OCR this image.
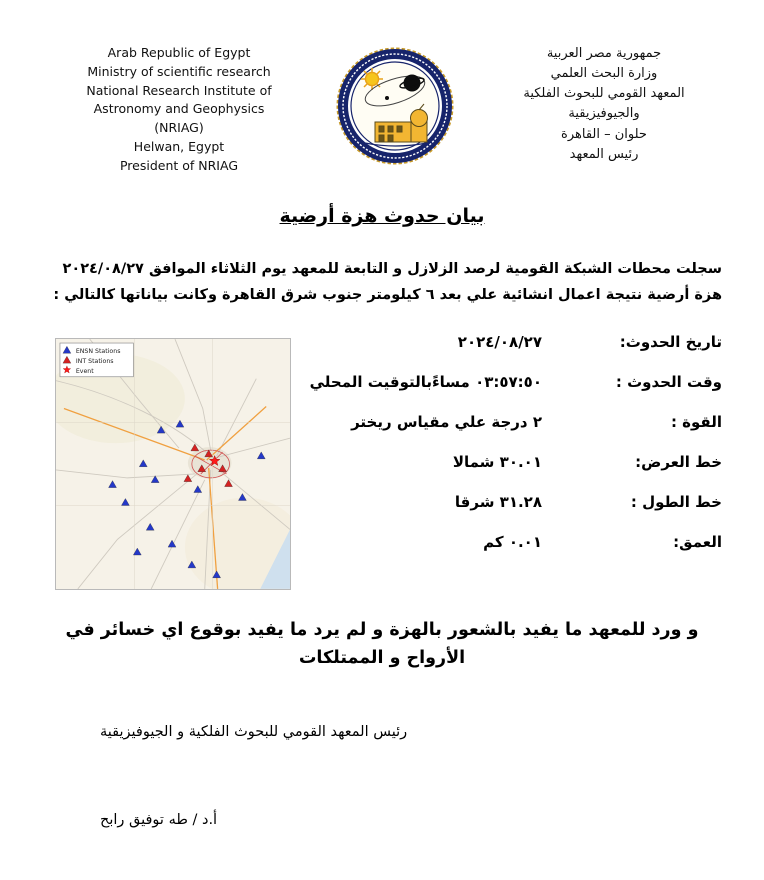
Arab Republic of Egypt
Ministry of scientific research
National Research Institute of
Astronomy and Geophysics
(NRIAG)
Helwan, Egypt
President of NRIAG
جمهورية مصر العربية
وزارة البحث العلمي
المعهد القومي للبحوث الفلكية
والجيوفيزيقية
حلوان – القاهرة
رئيس المعهد
بيان حدوث هزة أرضية
سجلت محطات الشبكة القومية لرصد الزلازل و التابعة للمعهد يوم الثلاثاء الموافق ٢٠٢٤/٠٨/٢٧ هزة أرضية نتيجة اعمال انشائية علي بعد ٦ كيلومتر جنوب شرق القاهرة وكانت بياناتها كالتالي :
تاريخ الحدوث:
٢٠٢٤/٠٨/٢٧
وقت الحدوث :
٠٣:٥٧:٥٠ مساءًبالتوقيت المحلي
القوة :
٢ درجة علي مقياس ريختر
خط العرض:
٣٠.٠١ شمالا
خط الطول :
٣١.٢٨ شرقا
العمق:
٠.٠١ كم
ENSN Stations
INT Stations
Event
و ورد للمعهد ما يفيد بالشعور بالهزة و لم يرد ما يفيد بوقوع اي خسائر في الأرواح و الممتلكات
رئيس المعهد القومي للبحوث الفلكية و الجيوفيزيقية
أ.د / طه توفيق رابح
